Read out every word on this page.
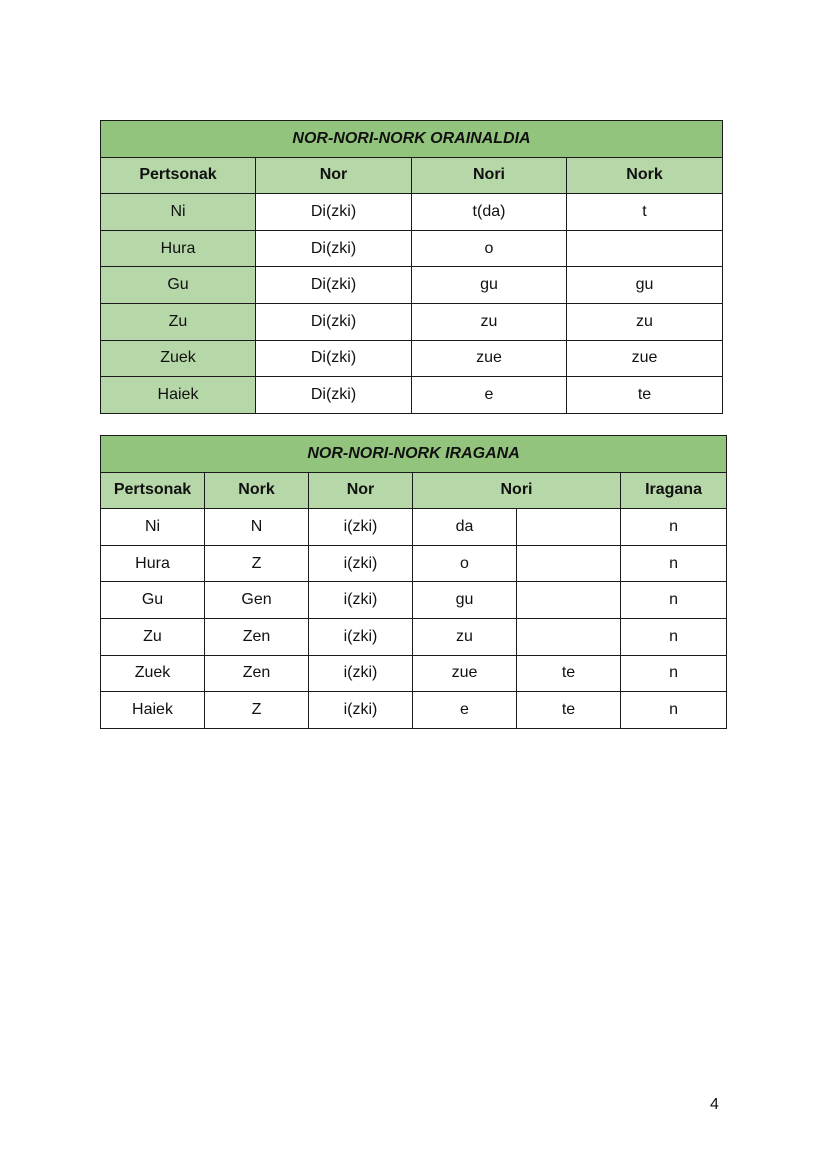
NOR-NORI-NORK ORAINALDIA			
Pertsonak	Nor	Nori	Nork
Ni	Di(zki)	t(da)	t
Hura	Di(zki)	o	
Gu	Di(zki)	gu	gu
Zu	Di(zki)	zu	zu
Zuek	Di(zki)	zue	zue
Haiek	Di(zki)	e	te
NOR-NORI-NORK IRAGANA					
Pertsonak	Nork	Nor	Nori		Iragana
Ni	N	i(zki)	da		n
Hura	Z	i(zki)	o		n
Gu	Gen	i(zki)	gu		n
Zu	Zen	i(zki)	zu		n
Zuek	Zen	i(zki)	zue	te	n
Haiek	Z	i(zki)	e	te	n
4
